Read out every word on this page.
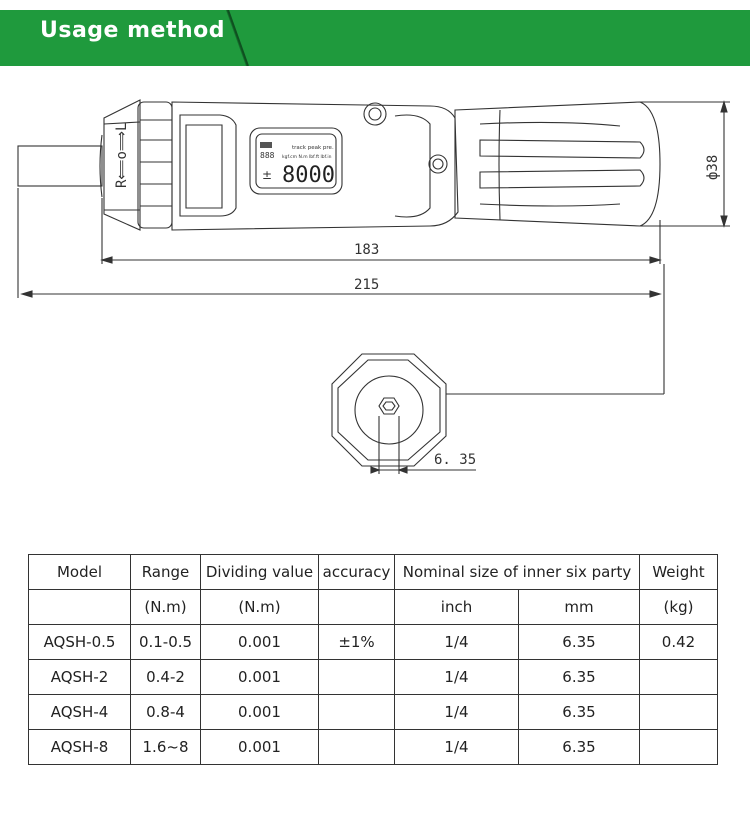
Usage method
track peak pre.
kgf.cm N.m lbf.ft lbf.in
888
± 8000
R⟸o⟹L	ф38
183
215
6. 35
Model	Range	Dividing value	accuracy	Nominal size of inner six party		Weight
	(N.m)	(N.m)		inch	mm	(kg)
AQSH-0.5	0.1-0.5	0.001	±1%	1/4	6.35	0.42
AQSH-2	0.4-2	0.001		1/4	6.35	
AQSH-4	0.8-4	0.001		1/4	6.35	
AQSH-8	1.6~8	0.001		1/4	6.35	
